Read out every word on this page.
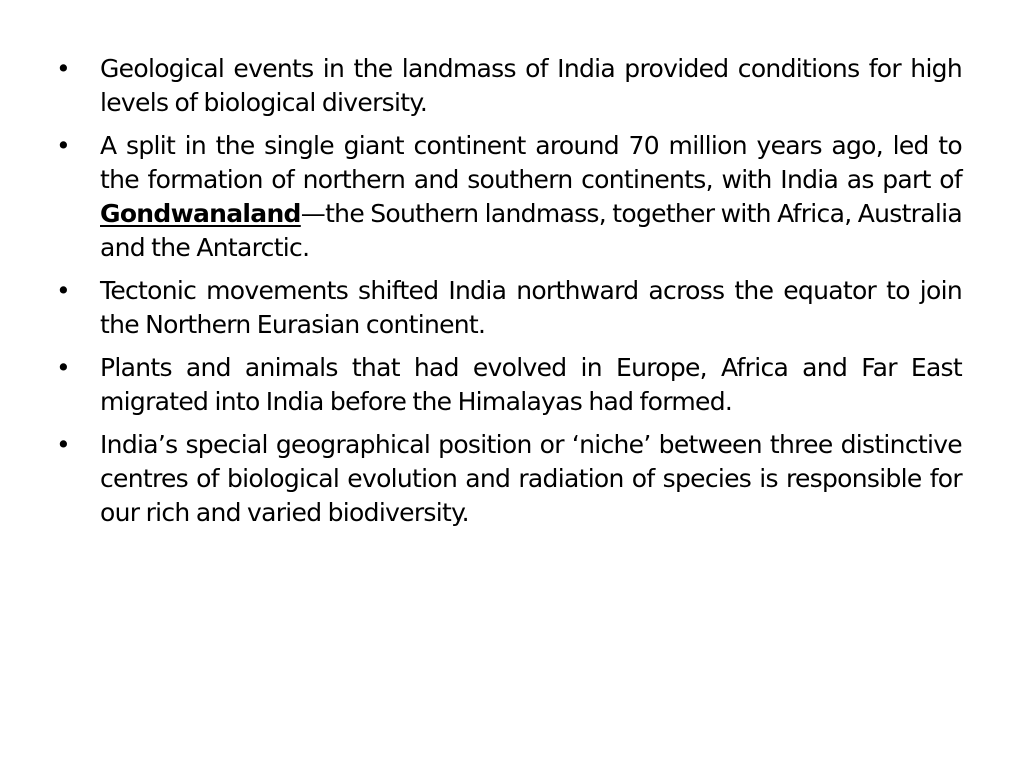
• Geological events in the landmass of India provided conditions for high levels of biological diversity.
• A split in the single giant continent around 70 million years ago, led to the formation of northern and southern continents, with India as part of Gondwanaland—the Southern landmass, together with Africa, Australia and the Antarctic.
• Tectonic movements shifted India northward across the equator to join the Northern Eurasian continent.
• Plants and animals that had evolved in Europe, Africa and Far East migrated into India before the Himalayas had formed.
• India’s special geographical position or ‘niche’ between three distinctive centres of biological evolution and radiation of species is responsible for our rich and varied biodiversity.
